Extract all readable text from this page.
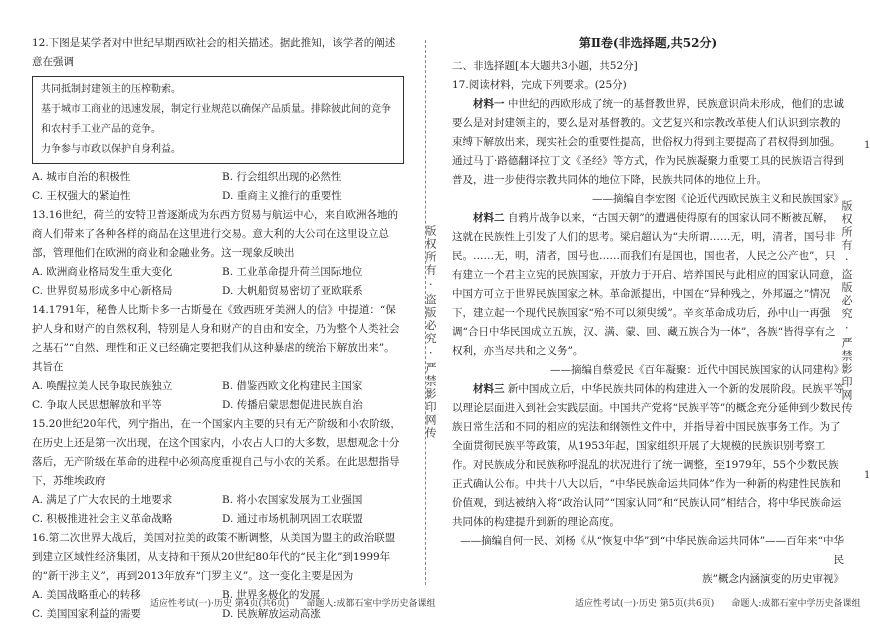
12.下图是某学者对中世纪早期西欧社会的相关描述。据此推知，该学者的阐述意在强调

共同抵制封建领主的压榨勒索。

基于城市工商业的迅速发展，制定行业规范以确保产品质量。排除彼此间的竞争和农村手工业产品的竞争。

力争参与市政以保护自身利益。

A. 城市自治的积极性	B. 行会组织出现的必然性
C. 王权强大的紧迫性	D. 重商主义推行的重要性

13.16世纪，荷兰的安特卫普逐渐成为东西方贸易与航运中心，来自欧洲各地的商人们带来了各种各样的商品在这里进行交易。意大利的大公司在这里设立总部，管理他们在欧洲的商业和金融业务。这一现象反映出

A. 欧洲商业格局发生重大变化	B. 工业革命提升荷兰国际地位
C. 世界贸易形成多中心新格局	D. 大帆船贸易密切了亚欧联系

14.1791年，秘鲁人比斯卡多一古斯曼在《致西班牙美洲人的信》中提道：“保护人身和财产的自然权利，特别是人身和财产的自由和安全，乃为整个人类社会之基石”“自然、理性和正义已经确定要把我们从这种暴虐的统治下解放出来”。其旨在

A. 唤醒拉美人民争取民族独立	B. 借鉴西欧文化构建民主国家
C. 争取人民思想解放和平等	D. 传播启蒙思想促进民族自治

15.20世纪20年代，列宁指出，在一个国家内主要的只有无产阶级和小农阶级，在历史上还是第一次出现，在这个国家内，小农占人口的大多数，思想观念十分落后，无产阶级在革命的进程中必须高度重视自己与小农的关系。在此思想指导下，苏维埃政府

A. 满足了广大农民的土地要求	B. 将小农国家发展为工业强国
C. 积极推进社会主义革命战略	D. 通过市场机制巩固工农联盟

16.第二次世界大战后，美国对拉美的政策不断调整，从美国为盟主的政治联盟到建立区域性经济集团，从支持和干预从20世纪80年代的“民主化”到1999年的“新干涉主义”，再到2013年放弃“门罗主义”。这一变化主要是因为

A. 美国战略重心的转移	B. 世界多极化的发展
C. 美国国家利益的需要	D. 民族解放运动高涨
版权所有 · 盗版必究 · 严禁影印网传	版权所有 · 盗版必究 · 严禁影印网传
1
1
第Ⅱ卷(非选择题,共52分)

二、非选择题[本大题共3小题，共52分]

17.阅读材料，完成下列要求。(25分)

材料一 中世纪的西欧形成了统一的基督教世界，民族意识尚未形成，他们的忠诚要么是对封建领主的，要么是对基督教的。文艺复兴和宗教改革使人们认识到宗教的束缚下解放出来，现实社会的重要性提高，世俗权力得到主要提高了君权得到加强。通过马丁·路德翻译拉丁文《圣经》等方式，作为民族凝聚力重要工具的民族语言得到普及，进一步使得宗教共同体的地位下降，民族共同体的地位上升。

——摘编自李宏图《论近代西欧民族主义和民族国家》

材料二 自鸦片战争以来，“古国天朝”的遭遇使得原有的国家认同不断被瓦解，这就在民族性上引发了人们的思考。梁启超认为“夫所谓……无，明，清者，国号非民。……无，明，清者，国号也……而我们有是国也，国也者，人民之公产也”，只有建立一个君主立宪的民族国家，开放力于开启、培养国民与此相应的国家认同意，中国方可立于世界民族国家之林。革命派提出，中国在“异种残之，外邦逼之”情况下，建立起一个现代民族国家“殆不可以须臾缓”。辛亥革命成功后，孙中山一再强调“合日中华民国成立五族，汉、满、蒙、回、藏五族合为一体”，各族“皆得享有之权利，亦当尽共和之义务”。

——摘编自蔡爱民《百年凝聚：近代中国民族国家的认同建构》

材料三 新中国成立后，中华民族共同体的构建进入一个新的发展阶段。民族平等以理论层面进入到社会实践层面。中国共产党将“民族平等”的概念充分延伸到少数民族日常生活和不同的相应的宪法和纲领性文件中，并指导着中国民族事务工作。为了全面贯彻民族平等政策，从1953年起，国家组织开展了大规模的民族识别考察工作。对民族成分和民族称呼混乱的状况进行了统一调整，至1979年，55个少数民族正式确认公布。中共十八大以后，“中华民族命运共同体”作为一种新的构建性民族和价值观，到达被纳入将“政治认同”“国家认同”和“民族认同”相结合，将中华民族命运共同体的构建提升到新的理论高度。

——摘编自何一民、刘杨《从“恢复中华”到“中华民族命运共同体”——百年来“中华民

族”概念内涵演变的历史审视》

适应性考试(一)·历史 第4页(共6页) 命题人:成都石室中学历史备课组	适应性考试(一)·历史 第5页(共6页) 命题人:成都石室中学历史备课组
